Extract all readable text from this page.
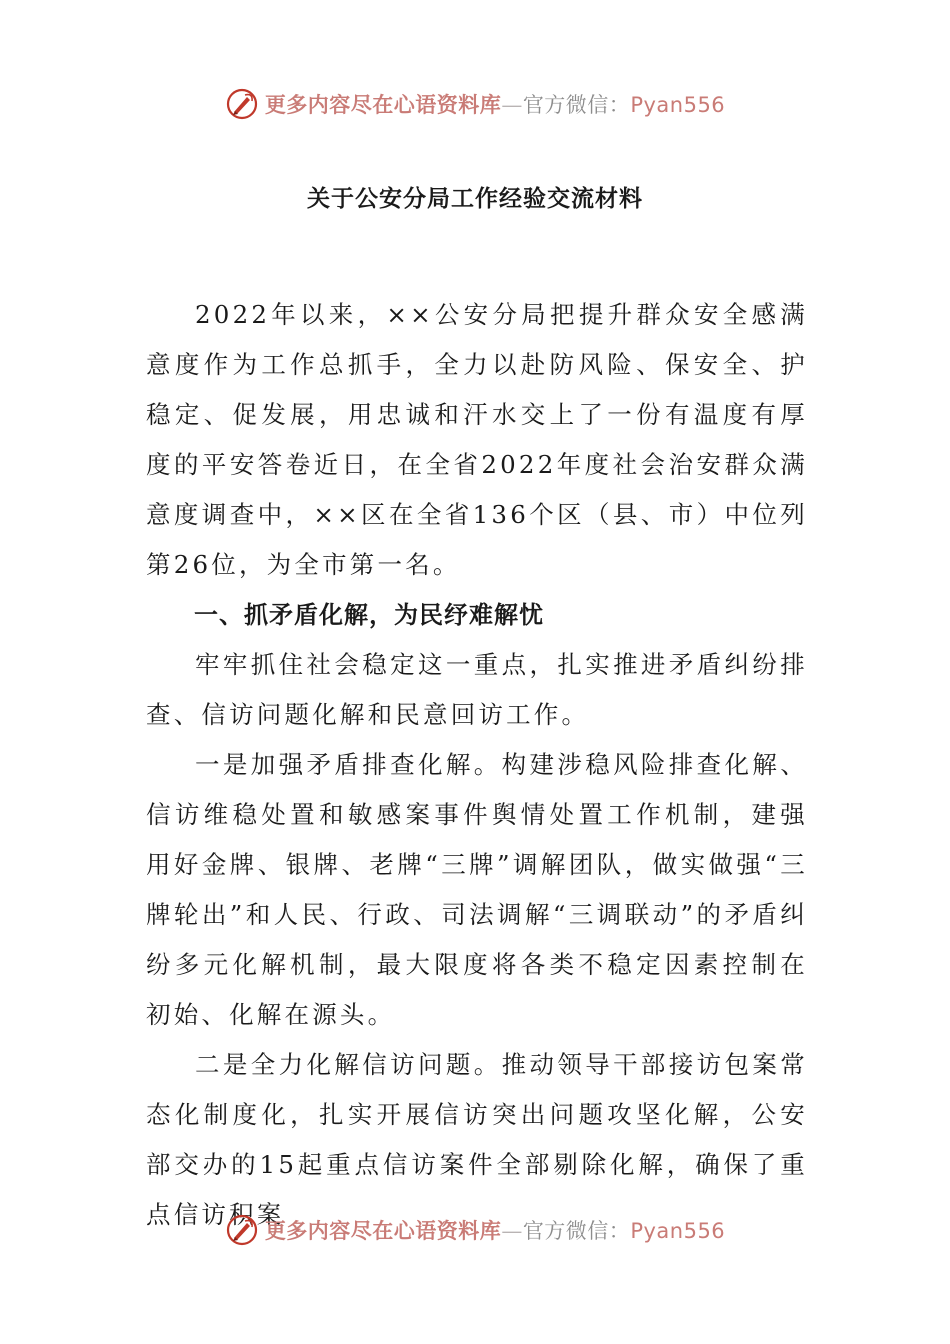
更多内容尽在心语资料库—官方微信：Pyan556
关于公安分局工作经验交流材料

2022年以来，××公安分局把提升群众安全感满意度作为工作总抓手，全力以赴防风险、保安全、护稳定、促发展，用忠诚和汗水交上了一份有温度有厚度的平安答卷近日，在全省2022年度社会治安群众满意度调查中，××区在全省136个区（县、市）中位列第26位，为全市第一名。

一、抓矛盾化解，为民纾难解忧

牢牢抓住社会稳定这一重点，扎实推进矛盾纠纷排查、信访问题化解和民意回访工作。

一是加强矛盾排查化解。构建涉稳风险排查化解、信访维稳处置和敏感案事件舆情处置工作机制，建强用好金牌、银牌、老牌“三牌”调解团队，做实做强“三牌轮出”和人民、行政、司法调解“三调联动”的矛盾纠纷多元化解机制，最大限度将各类不稳定因素控制在初始、化解在源头。

二是全力化解信访问题。推动领导干部接访包案常态化制度化，扎实开展信访突出问题攻坚化解，公安部交办的15起重点信访案件全部剔除化解，确保了重点信访积案

更多内容尽在心语资料库—官方微信：Pyan556
